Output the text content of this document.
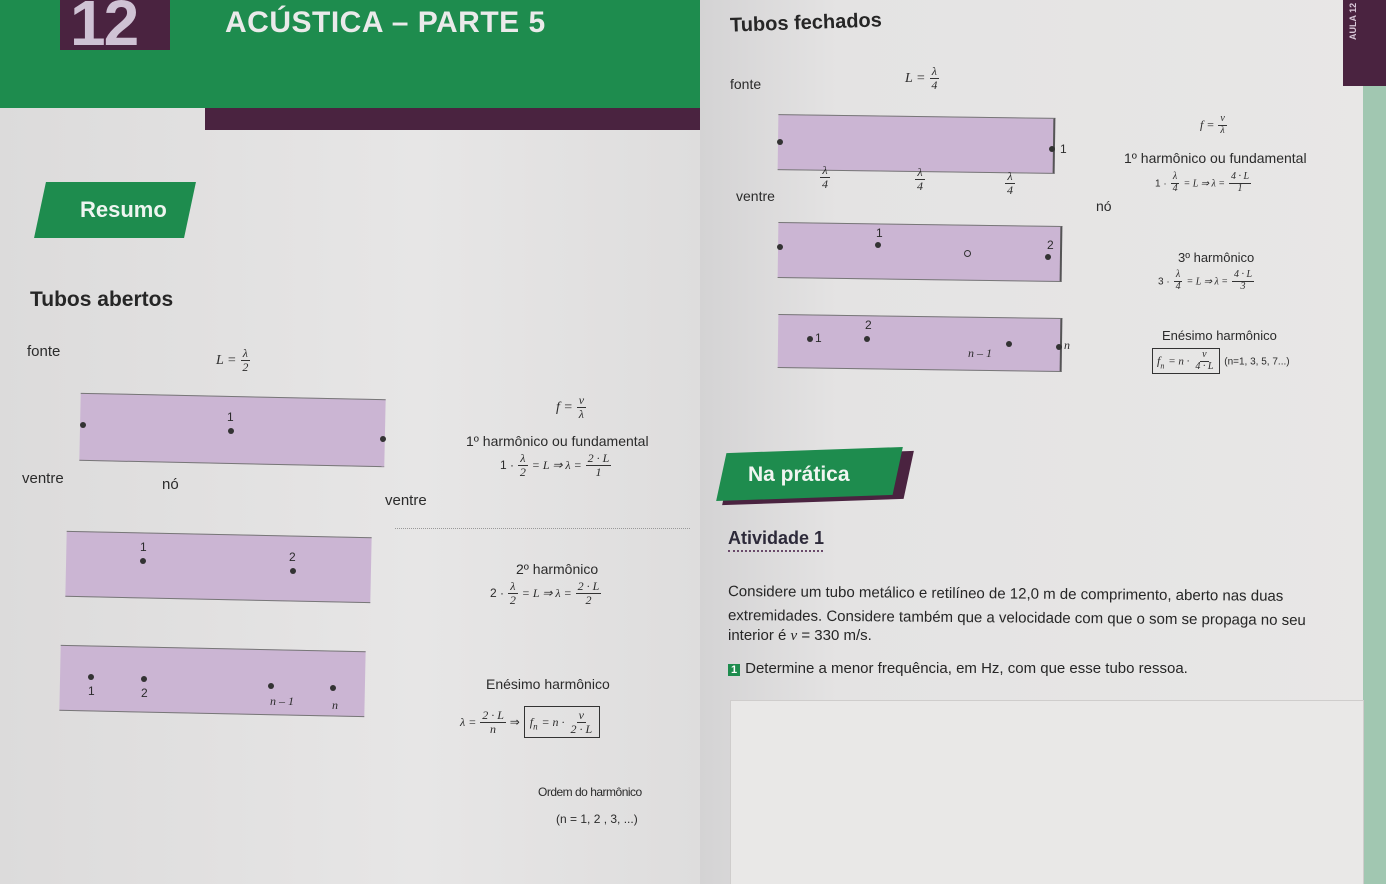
12	ACÚSTICA – PARTE 5
Resumo
Tubos abertos
fonte
$L = \frac{\lambda}{2}$
1
ventre	nó
ventre
$f = \frac{v}{\lambda}$
1º harmônico ou fundamental
$1 \cdot \frac{\lambda}{2} = L$ ⇒ $\lambda = \frac{2 \cdot L}{1}$
1
2
2º harmônico
$2 \cdot \frac{\lambda}{2} = L$ ⇒ $\lambda = \frac{2 \cdot L}{2}$
1	2
n – 1	n
Enésimo harmônico
$\lambda = \frac{2 \cdot L}{n}$ ⇒ $f_n = n \cdot \frac{v}{2 \cdot L}$
Ordem do harmônico
(n = 1, 2 , 3, ...)
AULA 12
Tubos fechados
fonte	$L = \frac{\lambda}{4}$
1
$\frac{\lambda}{4}$	$\frac{\lambda}{4}$	$\frac{\lambda}{4}$
ventre
nó
$f = \frac{v}{\lambda}$
1º harmônico ou fundamental
$1 \cdot \frac{\lambda}{4} = L$ ⇒ $\lambda = \frac{4 \cdot L}{1}$
1
2
3º harmônico
$3 \cdot \frac{\lambda}{4} = L$ ⇒ $\lambda = \frac{4 \cdot L}{3}$
1
2
n – 1
n
Enésimo harmônico
$f_n = n \cdot \frac{v}{4 \cdot L} (n=1$, 3, 5, 7...)
Na prática
Atividade 1
Considere um tubo metálico e retilíneo de 12,0 m de comprimento, aberto nas duas
extremidades. Considere também que a velocidade com que o som se propaga no seu
interior é v = 330 m/s.
1 Determine a menor frequência, em Hz, com que esse tubo ressoa.
